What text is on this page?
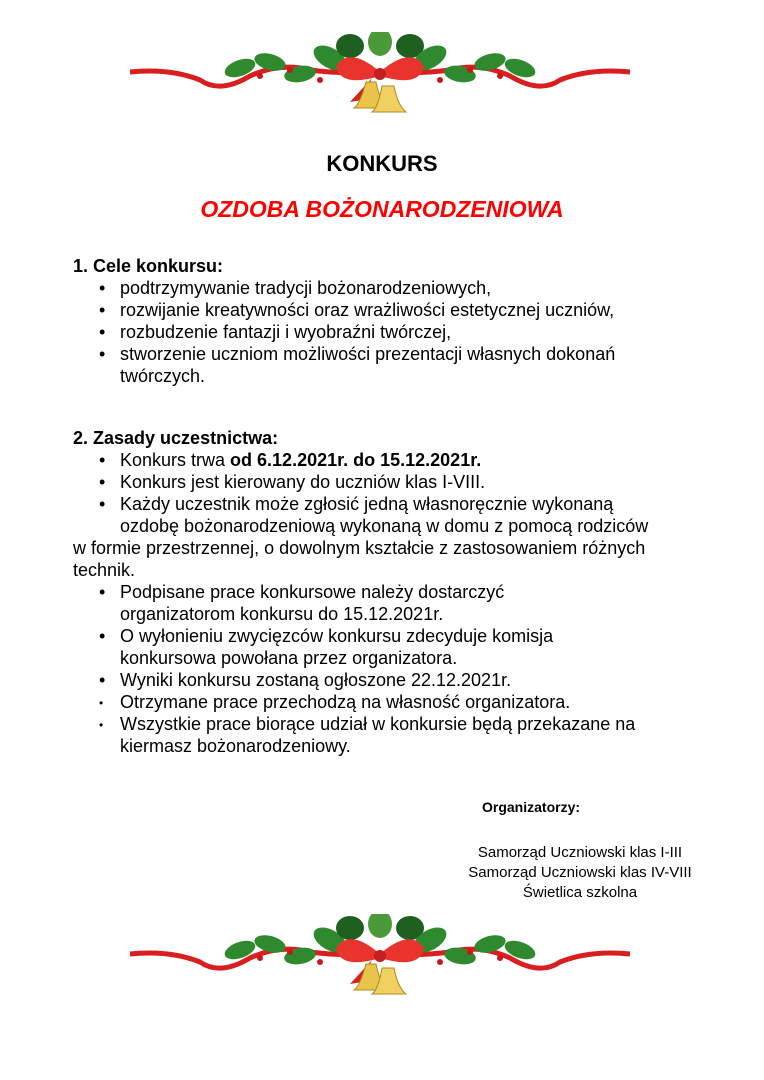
KONKURS
OZDOBA BOŻONARODZENIOWA
1. Cele konkursu:
• podtrzymywanie tradycji bożonarodzeniowych,
• rozwijanie kreatywności oraz wrażliwości estetycznej uczniów,
• rozbudzenie fantazji i wyobraźni twórczej,
• stworzenie uczniom możliwości prezentacji własnych dokonań twórczych.
2. Zasady uczestnictwa:
• Konkurs trwa od 6.12.2021r. do 15.12.2021r.
• Konkurs jest kierowany do uczniów klas I-VIII.
• Każdy uczestnik może zgłosić jedną własnoręcznie wykonaną ozdobę bożonarodzeniową wykonaną w domu z pomocą rodziców

w formie przestrzennej, o dowolnym kształcie z zastosowaniem różnych technik.

• Podpisane prace konkursowe należy dostarczyć organizatorom konkursu do 15.12.2021r.
• O wyłonieniu zwycięzców konkursu zdecyduje komisja konkursowa powołana przez organizatora.
• Wyniki konkursu zostaną ogłoszone 22.12.2021r.
• Otrzymane prace przechodzą na własność organizatora.
• Wszystkie prace biorące udział w konkursie będą przekazane na kiermasz bożonarodzeniowy.
Organizatorzy:
Samorząd Uczniowski klas I-III
Samorząd Uczniowski klas IV-VIII
Świetlica szkolna
